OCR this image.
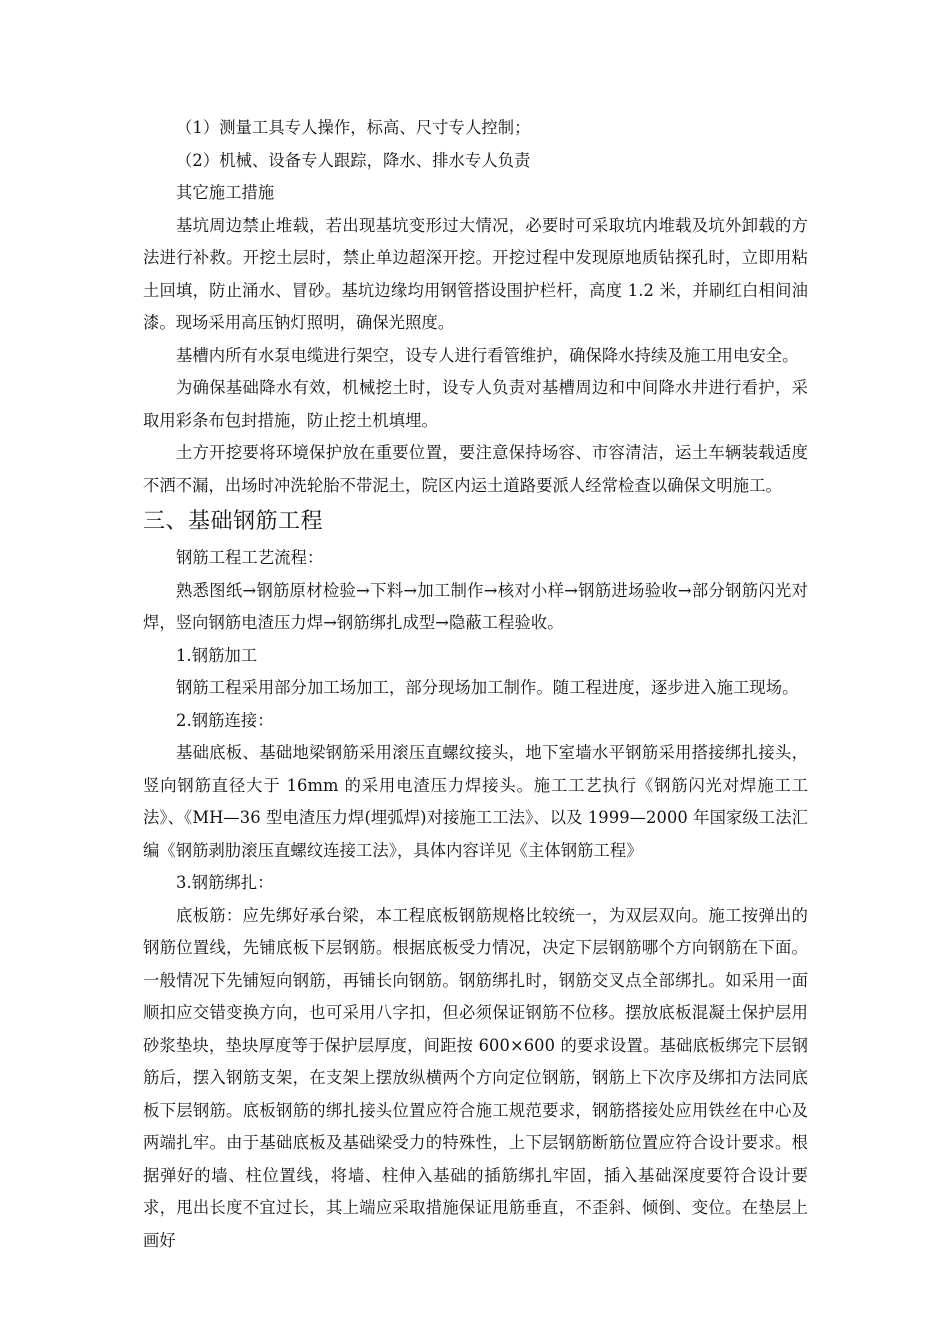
（1）测量工具专人操作，标高、尺寸专人控制；

（2）机械、设备专人跟踪，降水、排水专人负责

其它施工措施

基坑周边禁止堆载，若出现基坑变形过大情况，必要时可采取坑内堆载及坑外卸载的方法进行补救。开挖土层时，禁止单边超深开挖。开挖过程中发现原地质钻探孔时，立即用粘土回填，防止涌水、冒砂。基坑边缘均用钢管搭设围护栏杆，高度 1.2 米，并刷红白相间油漆。现场采用高压钠灯照明，确保光照度。

基槽内所有水泵电缆进行架空，设专人进行看管维护，确保降水持续及施工用电安全。

为确保基础降水有效，机械挖土时，设专人负责对基槽周边和中间降水井进行看护，采取用彩条布包封措施，防止挖土机填埋。

土方开挖要将环境保护放在重要位置，要注意保持场容、市容清洁，运土车辆装载适度不洒不漏，出场时冲洗轮胎不带泥土，院区内运土道路要派人经常检查以确保文明施工。

三、基础钢筋工程

钢筋工程工艺流程：

熟悉图纸→钢筋原材检验→下料→加工制作→核对小样→钢筋进场验收→部分钢筋闪光对焊，竖向钢筋电渣压力焊→钢筋绑扎成型→隐蔽工程验收。

1.钢筋加工

钢筋工程采用部分加工场加工，部分现场加工制作。随工程进度，逐步进入施工现场。

2.钢筋连接：

基础底板、基础地梁钢筋采用滚压直螺纹接头，地下室墙水平钢筋采用搭接绑扎接头，竖向钢筋直径大于 16mm 的采用电渣压力焊接头。施工工艺执行《钢筋闪光对焊施工工法》、《MH—36 型电渣压力焊(埋弧焊)对接施工工法》、以及 1999—2000 年国家级工法汇编《钢筋剥肋滚压直螺纹连接工法》，具体内容详见《主体钢筋工程》

3.钢筋绑扎：

底板筋：应先绑好承台梁，本工程底板钢筋规格比较统一，为双层双向。施工按弹出的钢筋位置线，先铺底板下层钢筋。根据底板受力情况，决定下层钢筋哪个方向钢筋在下面。一般情况下先铺短向钢筋，再铺长向钢筋。钢筋绑扎时，钢筋交叉点全部绑扎。如采用一面顺扣应交错变换方向，也可采用八字扣，但必须保证钢筋不位移。摆放底板混凝土保护层用砂浆垫块，垫块厚度等于保护层厚度，间距按 600×600 的要求设置。基础底板绑完下层钢筋后，摆入钢筋支架，在支架上摆放纵横两个方向定位钢筋，钢筋上下次序及绑扣方法同底板下层钢筋。底板钢筋的绑扎接头位置应符合施工规范要求，钢筋搭接处应用铁丝在中心及两端扎牢。由于基础底板及基础梁受力的特殊性，上下层钢筋断筋位置应符合设计要求。根据弹好的墙、柱位置线，将墙、柱伸入基础的插筋绑扎牢固，插入基础深度要符合设计要求，甩出长度不宜过长，其上端应采取措施保证甩筋垂直，不歪斜、倾倒、变位。在垫层上画好
